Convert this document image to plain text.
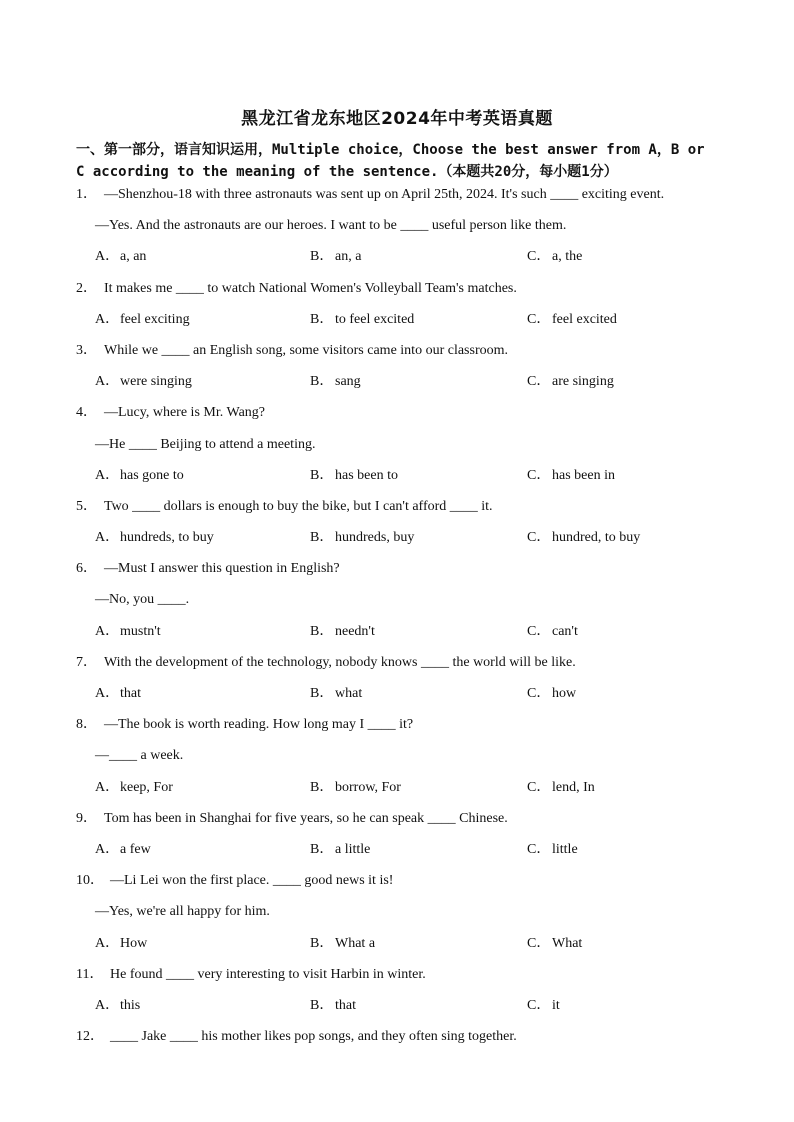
黑龙江省龙东地区2024年中考英语真题
一、第一部分，语言知识运用，Multiple choice，Choose the best answer from A，B or
C according to the meaning of the sentence.（本题共20分，每小题1分）
1． —Shenzhou-18 with three astronauts was sent up on April 25th, 2024. It's such ____ exciting event.
—Yes. And the astronauts are our heroes. I want to be ____ useful person like them.
A．a, an	B． an, a	C． a, the
2． It makes me ____ to watch National Women's Volleyball Team's matches.
A．feel exciting	B． to feel excited	C． feel excited
3． While we ____ an English song, some visitors came into our classroom.
A．were singing	B． sang	C． are singing
4． —Lucy, where is Mr. Wang?
—He ____ Beijing to attend a meeting.
A．has gone to	B． has been to	C． has been in
5． Two ____ dollars is enough to buy the bike, but I can't afford ____ it.
A．hundreds, to buy	B． hundreds, buy	C． hundred, to buy
6． —Must I answer this question in English?
—No, you ____.
A．mustn't	B． needn't	C． can't
7． With the development of the technology, nobody knows ____ the world will be like.
A．that	B． what	C． how
8． —The book is worth reading. How long may I ____ it?
—____ a week.
A．keep, For	B． borrow, For	C． lend, In
9． Tom has been in Shanghai for five years, so he can speak ____ Chinese.
A．a few	B． a little	C． little
10． —Li Lei won the first place. ____ good news it is!
—Yes, we're all happy for him.
A．How	B． What a	C． What
11． He found ____ very interesting to visit Harbin in winter.
A．this	B． that	C． it
12． ____ Jake ____ his mother likes pop songs, and they often sing together.
